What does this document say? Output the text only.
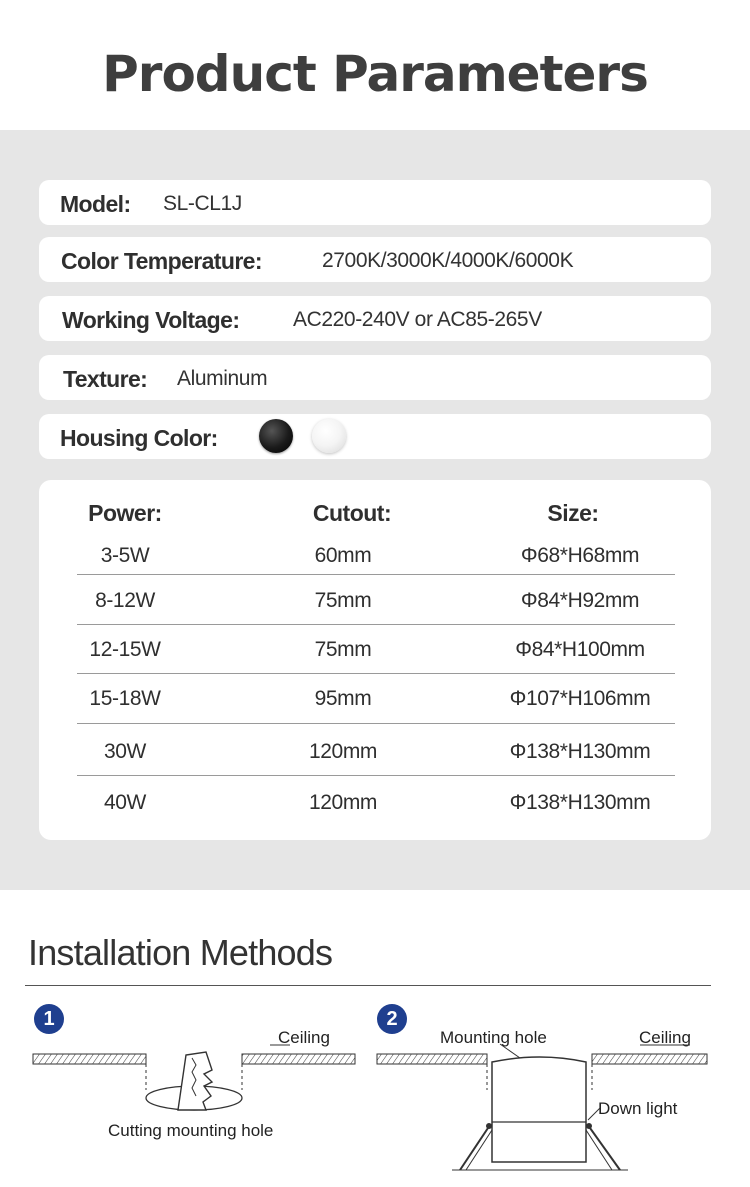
Product Parameters
Model: SL-CL1J
Color Temperature:	2700K/3000K/4000K/6000K
Working Voltage:	AC220-240V or AC85-265V
Texture: Aluminum
Housing Color:
Power:	Cutout:	Size:
3-5W	60mm	Φ68*H68mm
8-12W	75mm	Φ84*H92mm
12-15W	75mm	Φ84*H100mm
15-18W	95mm	Φ107*H106mm
30W	120mm	Φ138*H130mm
40W	120mm	Φ138*H130mm
Installation Methods
1	2
Ceiling
Cutting mounting hole
Mounting hole	Ceiling
Down light
